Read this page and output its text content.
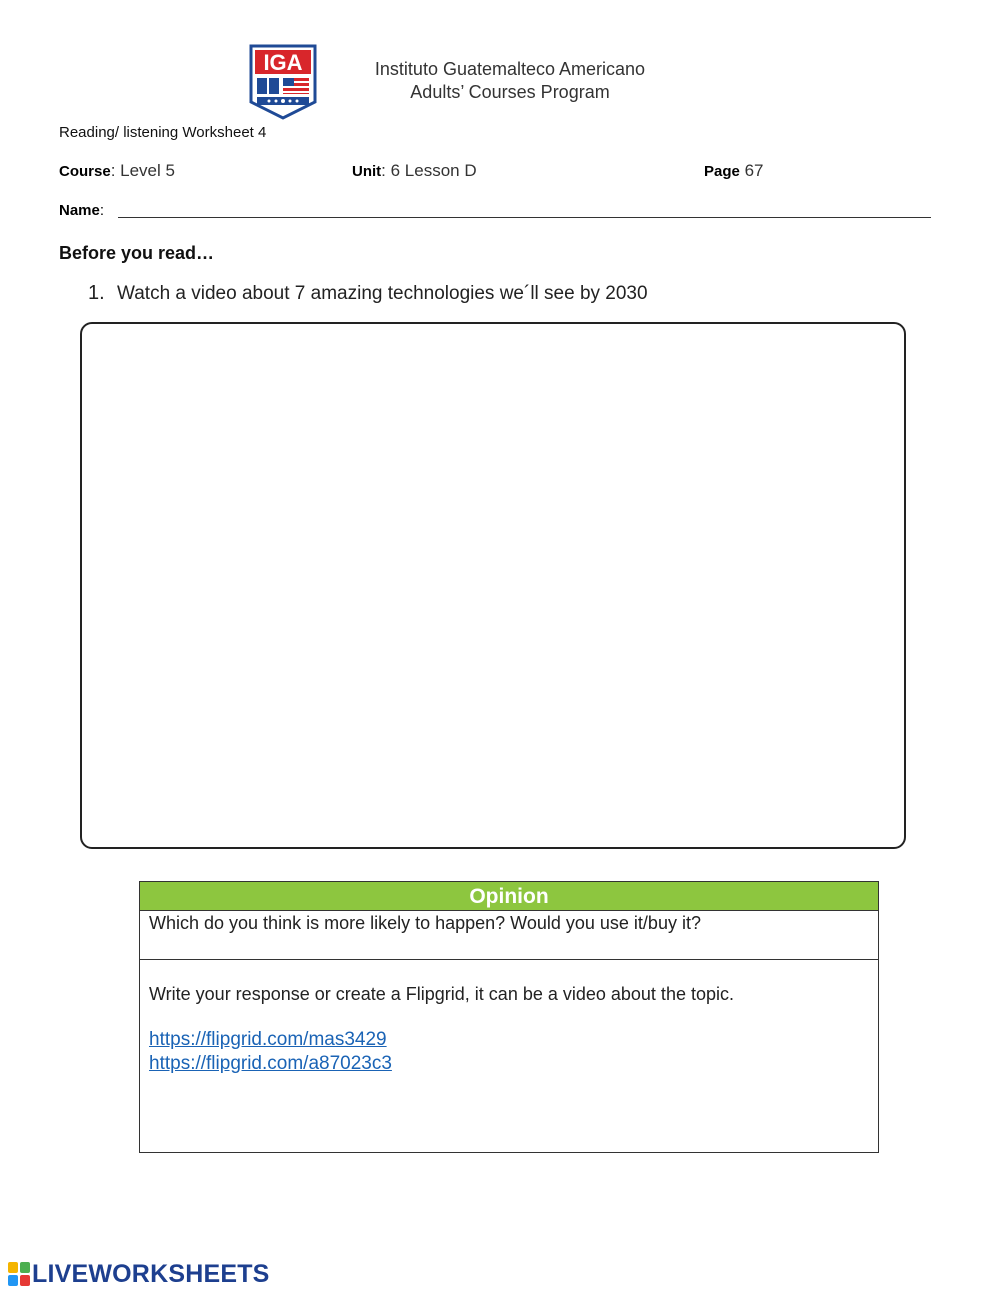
IGA	Instituto Guatemalteco Americano
Adults’ Courses Program
Reading/ listening Worksheet 4
Course: Level 5	Unit: 6 Lesson D	Page 67
Name:
Before you read…
1. Watch a video about 7 amazing technologies we´ll see by 2030
Opinion
Which do you think is more likely to happen? Would you use it/buy it?
Write your response or create a Flipgrid, it can be a video about the topic.
https://flipgrid.com/mas3429
https://flipgrid.com/a87023c3
LIVEWORKSHEETS
